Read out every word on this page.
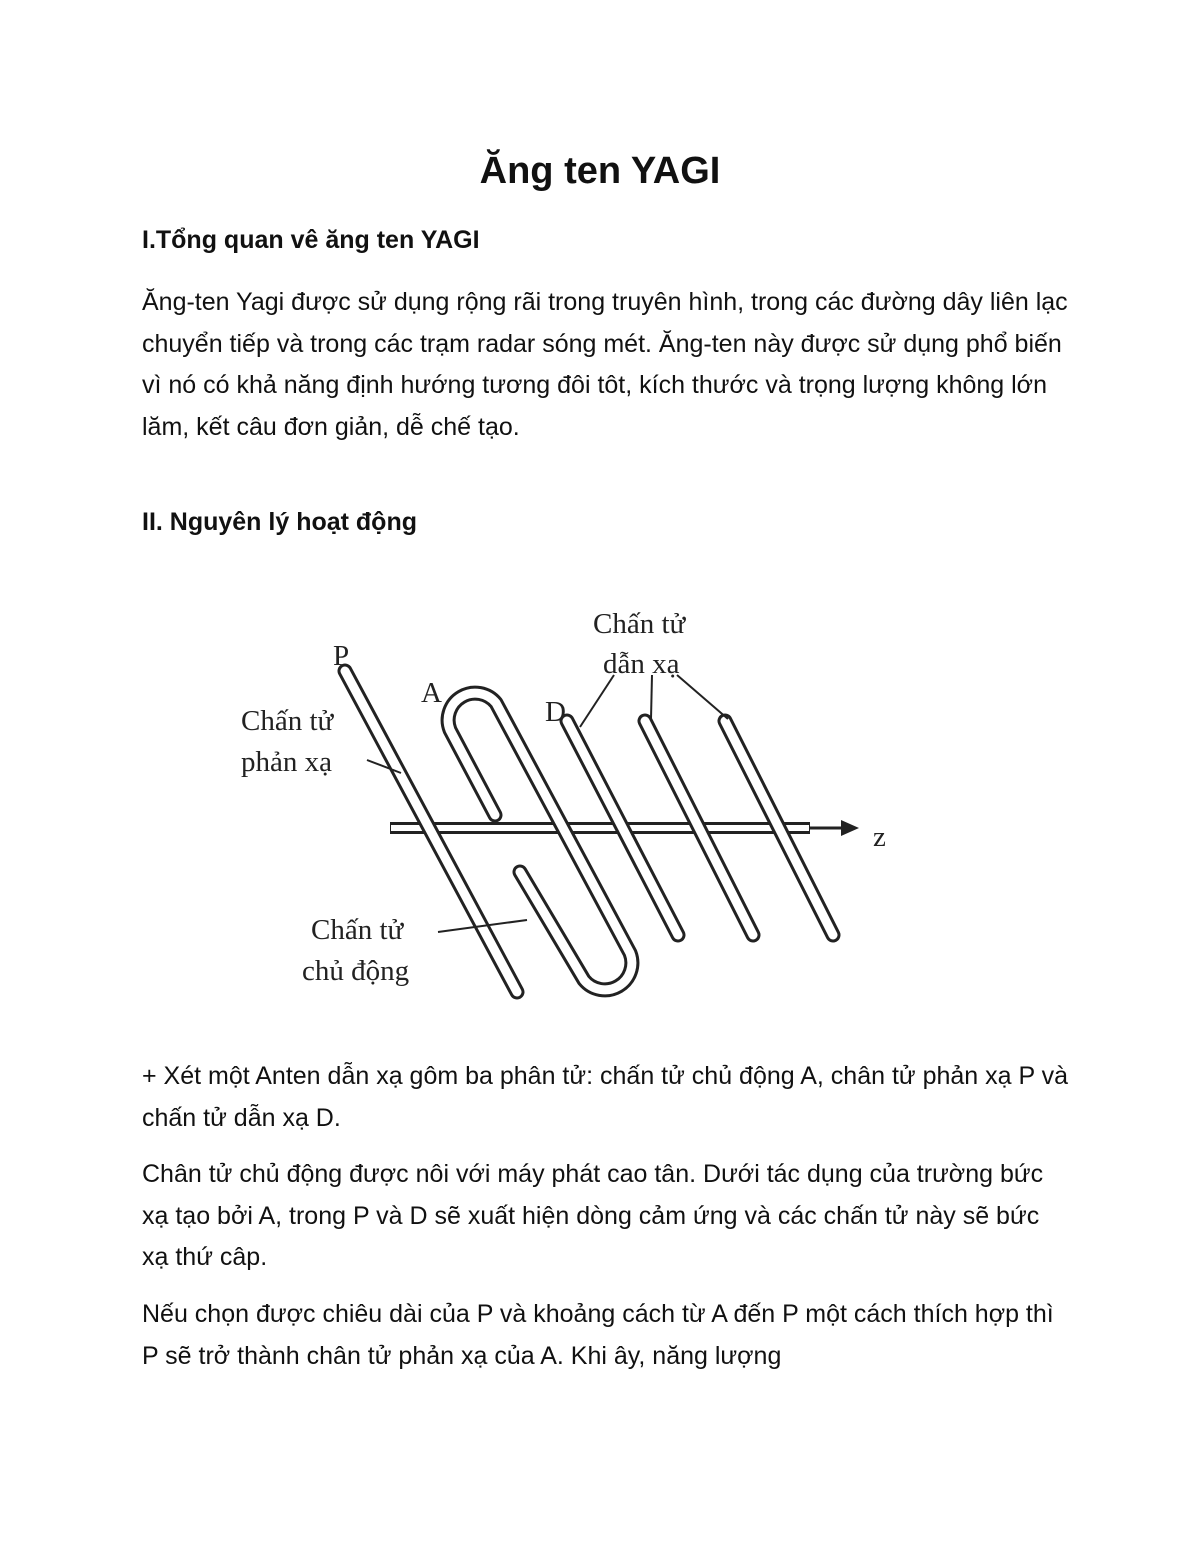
Ăng ten YAGI
I.Tổng quan vê ăng ten YAGI

Ăng-ten Yagi được sử dụng rộng rãi trong truyên hình, trong các đường dây liên lạc chuyển tiếp và trong các trạm radar sóng mét. Ăng-ten này được sử dụng phổ biến vì nó có khả năng định hướng tương đôi tôt, kích thước và trọng lượng không lớn lăm, kết câu đơn giản, dễ chế tạo.

II. Nguyên lý hoạt động
P
A
D
z
Chấn tử
phản xạ
Chấn tử
dẫn xạ
Chấn tử
chủ động

+ Xét một Anten dẫn xạ gôm ba phân tử: chấn tử chủ động A, chân tử phản xạ P và chấn tử dẫn xạ D.

Chân tử chủ động được nôi với máy phát cao tân. Dưới tác dụng của trường bức xạ tạo bởi A, trong P và D sẽ xuất hiện dòng cảm ứng và các chấn tử này sẽ bức xạ thứ câp.

Nếu chọn được chiêu dài của P và khoảng cách từ A đến P một cách thích hợp thì P sẽ trở thành chân tử phản xạ của A. Khi ây, năng lượng
